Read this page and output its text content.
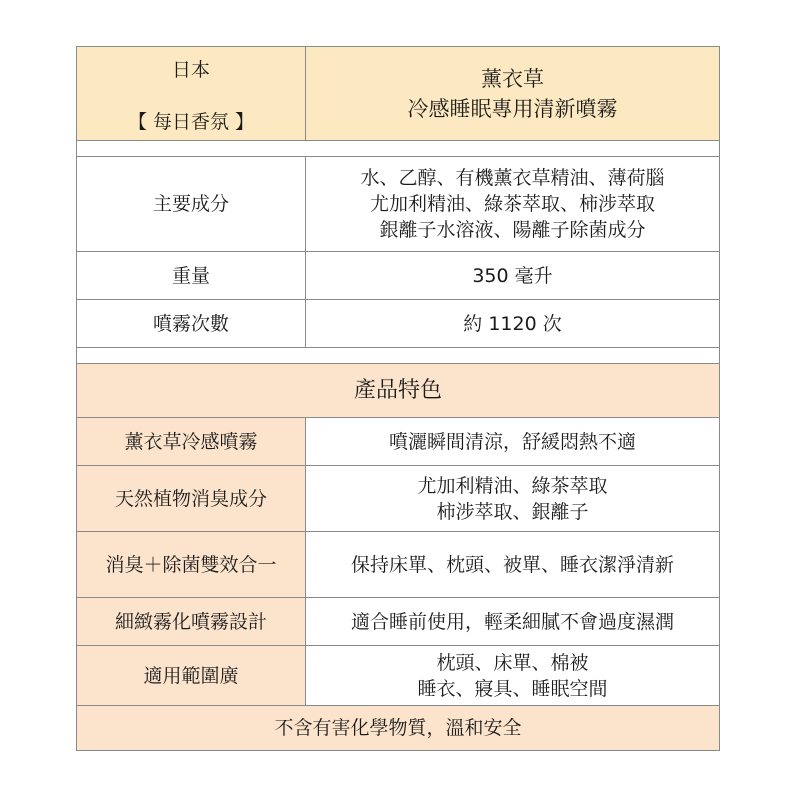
日本
【 每日香氛 】	薰衣草
冷感睡眠專用清新噴霧

主要成分	水、乙醇、有機薰衣草精油、薄荷腦
尤加利精油、綠茶萃取、柿涉萃取
銀離子水溶液、陽離子除菌成分

重量	350 毫升
噴霧次數	約 1120 次

產品特色	
薰衣草冷感噴霧	噴灑瞬間清涼，舒緩悶熱不適
天然植物消臭成分	尤加利精油、綠茶萃取
柿涉萃取、銀離子

消臭＋除菌雙效合一	保持床單、枕頭、被單、睡衣潔淨清新
細緻霧化噴霧設計	適合睡前使用，輕柔細膩不會過度濕潤
適用範圍廣	枕頭、床單、棉被
睡衣、寢具、睡眠空間

不含有害化學物質，溫和安全	
